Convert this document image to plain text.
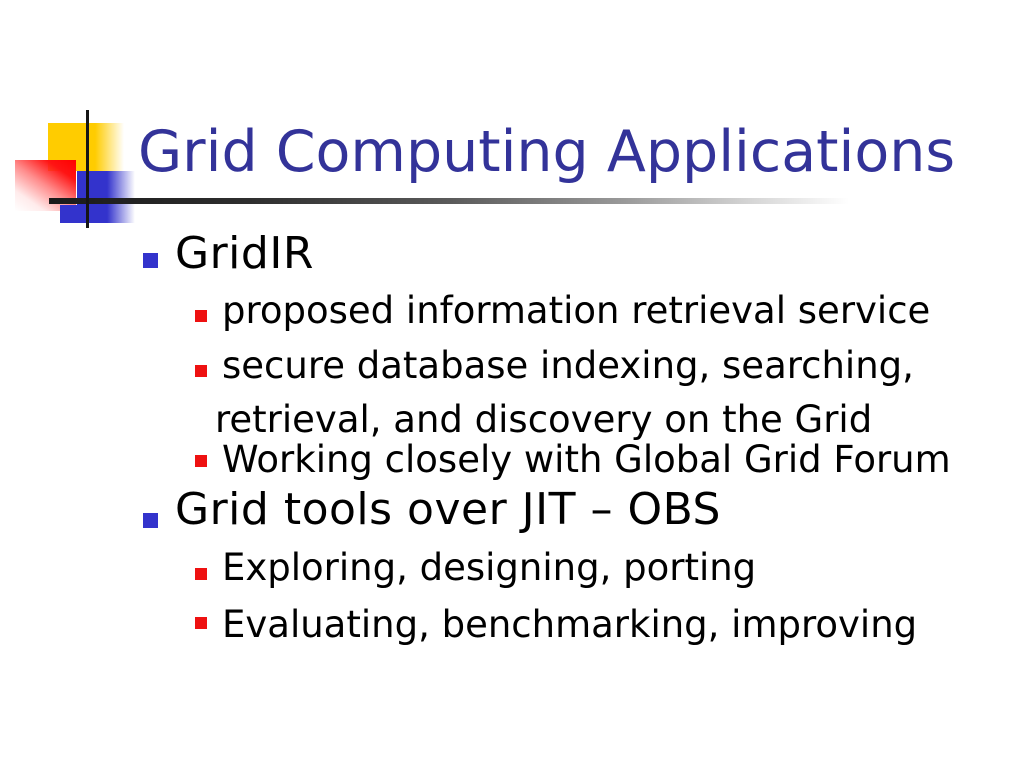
Grid Computing Applications

GridIR

proposed information retrieval service

secure database indexing, searching,

retrieval, and discovery on the Grid

Working closely with Global Grid Forum

Grid tools over JIT – OBS

Exploring, designing, porting

Evaluating, benchmarking, improving
